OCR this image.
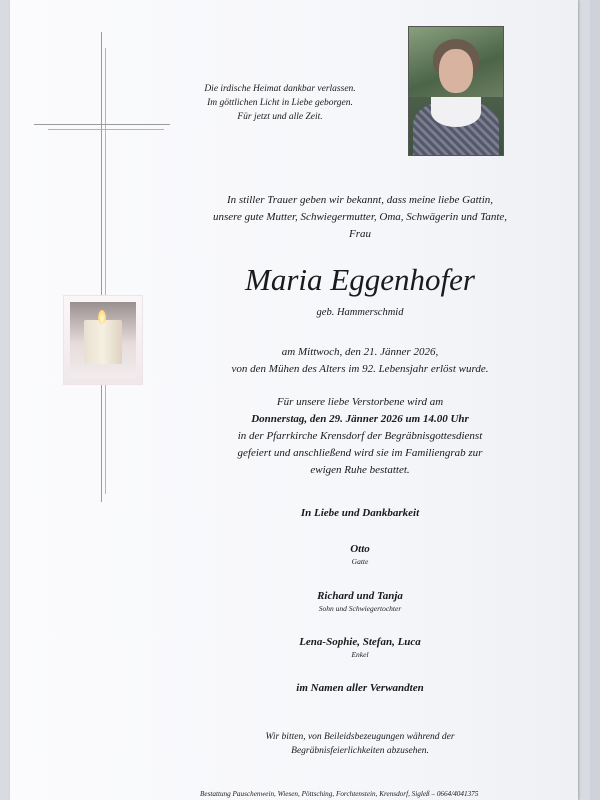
Die irdische Heimat dankbar verlassen.
Im göttlichen Licht in Liebe geborgen.
Für jetzt und alle Zeit.
In stiller Trauer geben wir bekannt, dass meine liebe Gattin,
unsere gute Mutter, Schwiegermutter, Oma, Schwägerin und Tante,
Frau
Maria Eggenhofer
geb. Hammerschmid
am Mittwoch, den 21. Jänner 2026,
von den Mühen des Alters im 92. Lebensjahr erlöst wurde.
Für unsere liebe Verstorbene wird am
Donnerstag, den 29. Jänner 2026 um 14.00 Uhr
in der Pfarrkirche Krensdorf der Begräbnisgottesdienst
gefeiert und anschließend wird sie im Familiengrab zur
ewigen Ruhe bestattet.
In Liebe und Dankbarkeit
Otto
Gatte
Richard und Tanja
Sohn und Schwiegertochter
Lena-Sophie, Stefan, Luca
Enkel
im Namen aller Verwandten
Wir bitten, von Beileidsbezeugungen während der
Begräbnisfeierlichkeiten abzusehen.
Bestattung Pauschenwein, Wiesen, Pöttsching, Forchtenstein, Krensdorf, Sigleß – 0664/4041375
